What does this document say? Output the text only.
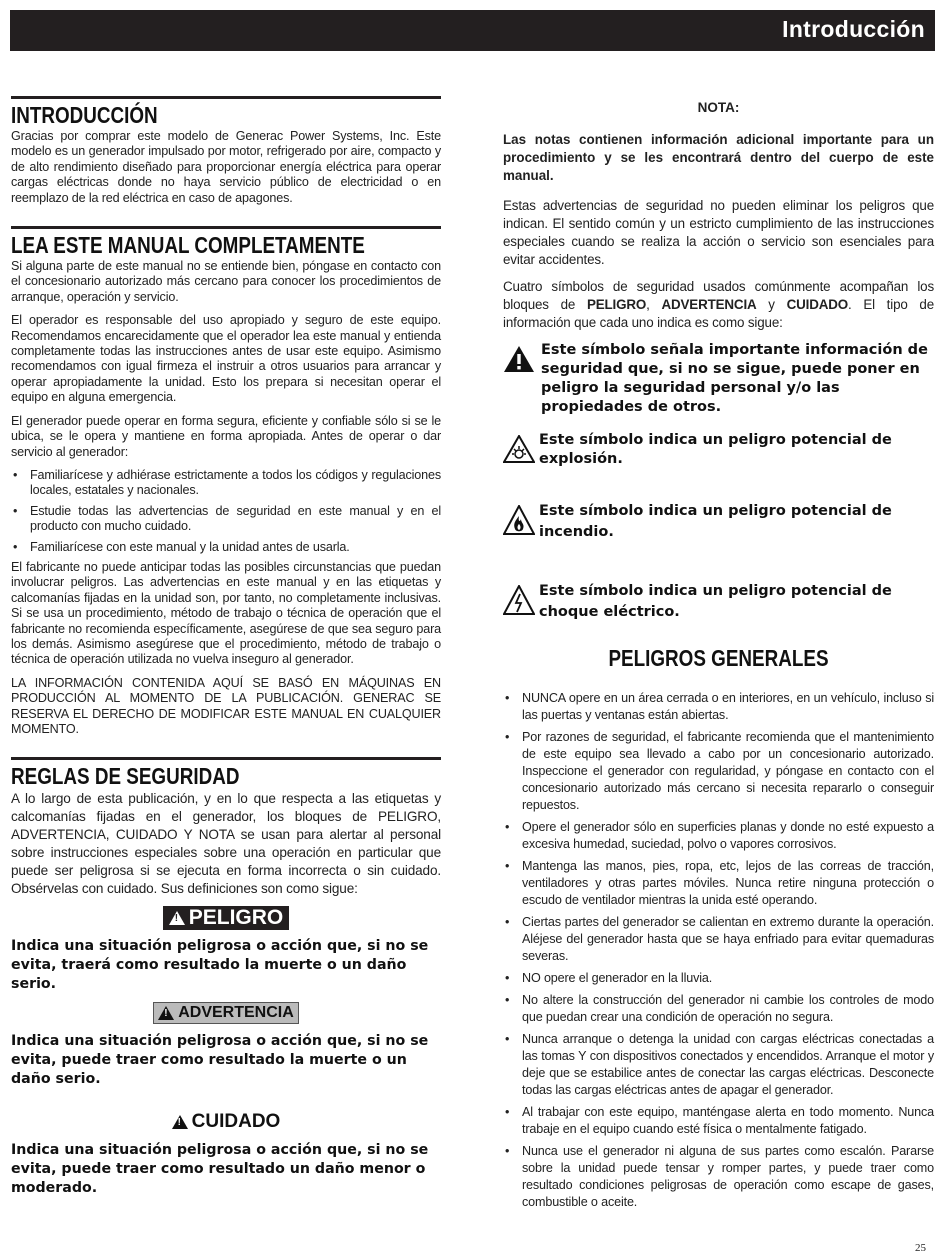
Introducción
INTRODUCCIÓN

Gracias por comprar este modelo de Generac Power Systems, Inc. Este modelo es un generador impulsado por motor, refrigerado por aire, compacto y de alto rendimiento diseñado para proporcionar energía eléctrica para operar cargas eléctricas donde no haya servicio público de electricidad o en reemplazo de la red eléctrica en caso de apagones.

LEA ESTE MANUAL COMPLETAMENTE

Si alguna parte de este manual no se entiende bien, póngase en contacto con el concesionario autorizado más cercano para conocer los procedimientos de arranque, operación y servicio.

El operador es responsable del uso apropiado y seguro de este equipo. Recomendamos encarecidamente que el operador lea este manual y entienda completamente todas las instrucciones antes de usar este equipo. Asimismo recomendamos con igual firmeza el instruir a otros usuarios para arrancar y operar apropiadamente la unidad. Esto los prepara si necesitan operar el equipo en alguna emergencia.

El generador puede operar en forma segura, eficiente y confiable sólo si se le ubica, se le opera y mantiene en forma apropiada. Antes de operar o dar servicio al generador:

• Familiarícese y adhiérase estrictamente a todos los códigos y regulaciones locales, estatales y nacionales.
• Estudie todas las advertencias de seguridad en este manual y en el producto con mucho cuidado.
• Familiarícese con este manual y la unidad antes de usarla.

El fabricante no puede anticipar todas las posibles circunstancias que puedan involucrar peligros. Las advertencias en este manual y en las etiquetas y calcomanías fijadas en la unidad son, por tanto, no completamente inclusivas. Si se usa un procedimiento, método de trabajo o técnica de operación que el fabricante no recomienda específicamente, asegúrese de que sea seguro para los demás. Asimismo asegúrese que el procedimiento, método de trabajo o técnica de operación utilizada no vuelva inseguro al generador.

LA INFORMACIÓN CONTENIDA AQUÍ SE BASÓ EN MÁQUINAS EN PRODUCCIÓN AL MOMENTO DE LA PUBLICACIÓN. GENERAC SE RESERVA EL DERECHO DE MODIFICAR ESTE MANUAL EN CUALQUIER MOMENTO.

REGLAS DE SEGURIDAD

A lo largo de esta publicación, y en lo que respecta a las etiquetas y calcomanías fijadas en el generador, los bloques de PELIGRO, ADVERTENCIA, CUIDADO Y NOTA se usan para alertar al personal sobre instrucciones especiales sobre una operación en particular que puede ser peligrosa si se ejecuta en forma incorrecta o sin cuidado. Obsérvelas con cuidado. Sus definiciones son como sigue:

! PELIGRO

Indica una situación peligrosa o acción que, si no se evita, traerá como resultado la muerte o un daño serio.

! ADVERTENCIA

Indica una situación peligrosa o acción que, si no se evita, puede traer como resultado la muerte o un daño serio.

! CUIDADO

Indica una situación peligrosa o acción que, si no se evita, puede traer como resultado un daño menor o moderado.

NOTA:

Las notas contienen información adicional importante para un procedimiento y se les encontrará dentro del cuerpo de este manual.

Estas advertencias de seguridad no pueden eliminar los peligros que indican. El sentido común y un estricto cumplimiento de las instrucciones especiales cuando se realiza la acción o servicio son esenciales para evitar accidentes.

Cuatro símbolos de seguridad usados comúnmente acompañan los bloques de PELIGRO, ADVERTENCIA y CUIDADO. El tipo de información que cada uno indica es como sigue:

Este símbolo señala importante información de seguridad que, si no se sigue, puede poner en peligro la seguridad personal y/o las propiedades de otros.
Este símbolo indica un peligro potencial de explosión.
Este símbolo indica un peligro potencial de incendio.
Este símbolo indica un peligro potencial de choque eléctrico.
PELIGROS GENERALES
• NUNCA opere en un área cerrada o en interiores, en un vehículo, incluso si las puertas y ventanas están abiertas.
• Por razones de seguridad, el fabricante recomienda que el mantenimiento de este equipo sea llevado a cabo por un concesionario autorizado. Inspeccione el generador con regularidad, y póngase en contacto con el concesionario autorizado más cercano si necesita repararlo o conseguir repuestos.
• Opere el generador sólo en superficies planas y donde no esté expuesto a excesiva humedad, suciedad, polvo o vapores corrosivos.
• Mantenga las manos, pies, ropa, etc, lejos de las correas de tracción, ventiladores y otras partes móviles. Nunca retire ninguna protección o escudo de ventilador mientras la unida esté operando.
• Ciertas partes del generador se calientan en extremo durante la operación. Aléjese del generador hasta que se haya enfriado para evitar quemaduras severas.
• NO opere el generador en la lluvia.
• No altere la construcción del generador ni cambie los controles de modo que puedan crear una condición de operación no segura.
• Nunca arranque o detenga la unidad con cargas eléctricas conectadas a las tomas Y con dispositivos conectados y encendidos. Arranque el motor y deje que se estabilice antes de conectar las cargas eléctricas. Desconecte todas las cargas eléctricas antes de apagar el generador.
• Al trabajar con este equipo, manténgase alerta en todo momento. Nunca trabaje en el equipo cuando esté física o mentalmente fatigado.
• Nunca use el generador ni alguna de sus partes como escalón. Pararse sobre la unidad puede tensar y romper partes, y puede traer como resultado condiciones peligrosas de operación como escape de gases, combustible o aceite.
25
